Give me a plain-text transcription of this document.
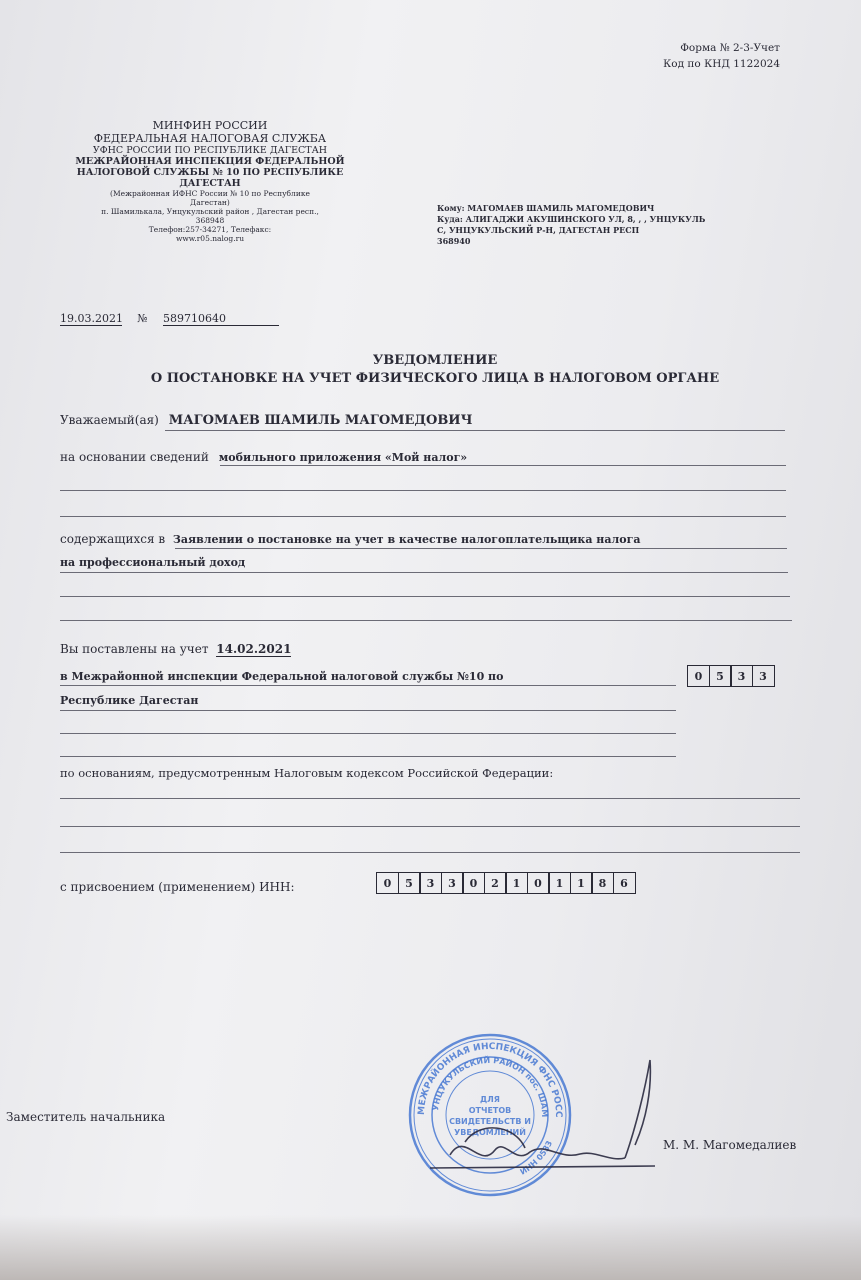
Форма № 2-3-Учет
Код по КНД 1122024
МИНФИН РОССИИ
ФЕДЕРАЛЬНАЯ НАЛОГОВАЯ СЛУЖБА
УФНС РОССИИ ПО РЕСПУБЛИКЕ ДАГЕСТАН
МЕЖРАЙОННАЯ ИНСПЕКЦИЯ ФЕДЕРАЛЬНОЙ
НАЛОГОВОЙ СЛУЖБЫ № 10 ПО РЕСПУБЛИКЕ
ДАГЕСТАН
(Межрайонная ИФНС России № 10 по Республике
Дагестан)
п. Шамилькала, Унцукульский район , Дагестан респ.,
368948
Телефон:257-34271, Телефакс:
www.r05.nalog.ru
Кому: МАГОМАЕВ ШАМИЛЬ МАГОМЕДОВИЧ
Куда: АЛИГАДЖИ АКУШИНСКОГО УЛ, 8, , , УНЦУКУЛЬ
С, УНЦУКУЛЬСКИЙ Р-Н, ДАГЕСТАН РЕСП
368940
19.03.2021 № 589710640
УВЕДОМЛЕНИЕ
О ПОСТАНОВКЕ НА УЧЕТ ФИЗИЧЕСКОГО ЛИЦА В НАЛОГОВОМ ОРГАНЕ
Уважаемый(ая) МАГОМАЕВ ШАМИЛЬ МАГОМЕДОВИЧ
на основании сведений мобильного приложения «Мой налог»
содержащихся в Заявлении о постановке на учет в качестве налогоплательщика налога
на профессиональный доход
Вы поставлены на учет 14.02.2021
в Межрайонной инспекции Федеральной налоговой службы №10 по	0	5	3	3
Республике Дагестан
по основаниям, предусмотренным Налоговым кодексом Российской Федерации:
с присвоением (применением) ИНН:	0	5	3	3	0	2	1	0	1	1	8	6
Заместитель начальника	МЕЖРАЙОННАЯ ИНСПЕКЦИЯ ФНС РОСС
УНЦУКУЛЬСКИЙ РАЙОН пос. ШАМ
ИНН 0533
ДЛЯ
ОТЧЕТОВ
СВИДЕТЕЛЬСТВ И
УВЕДОМЛЕНИЙ
М. М. Магомедалиев
